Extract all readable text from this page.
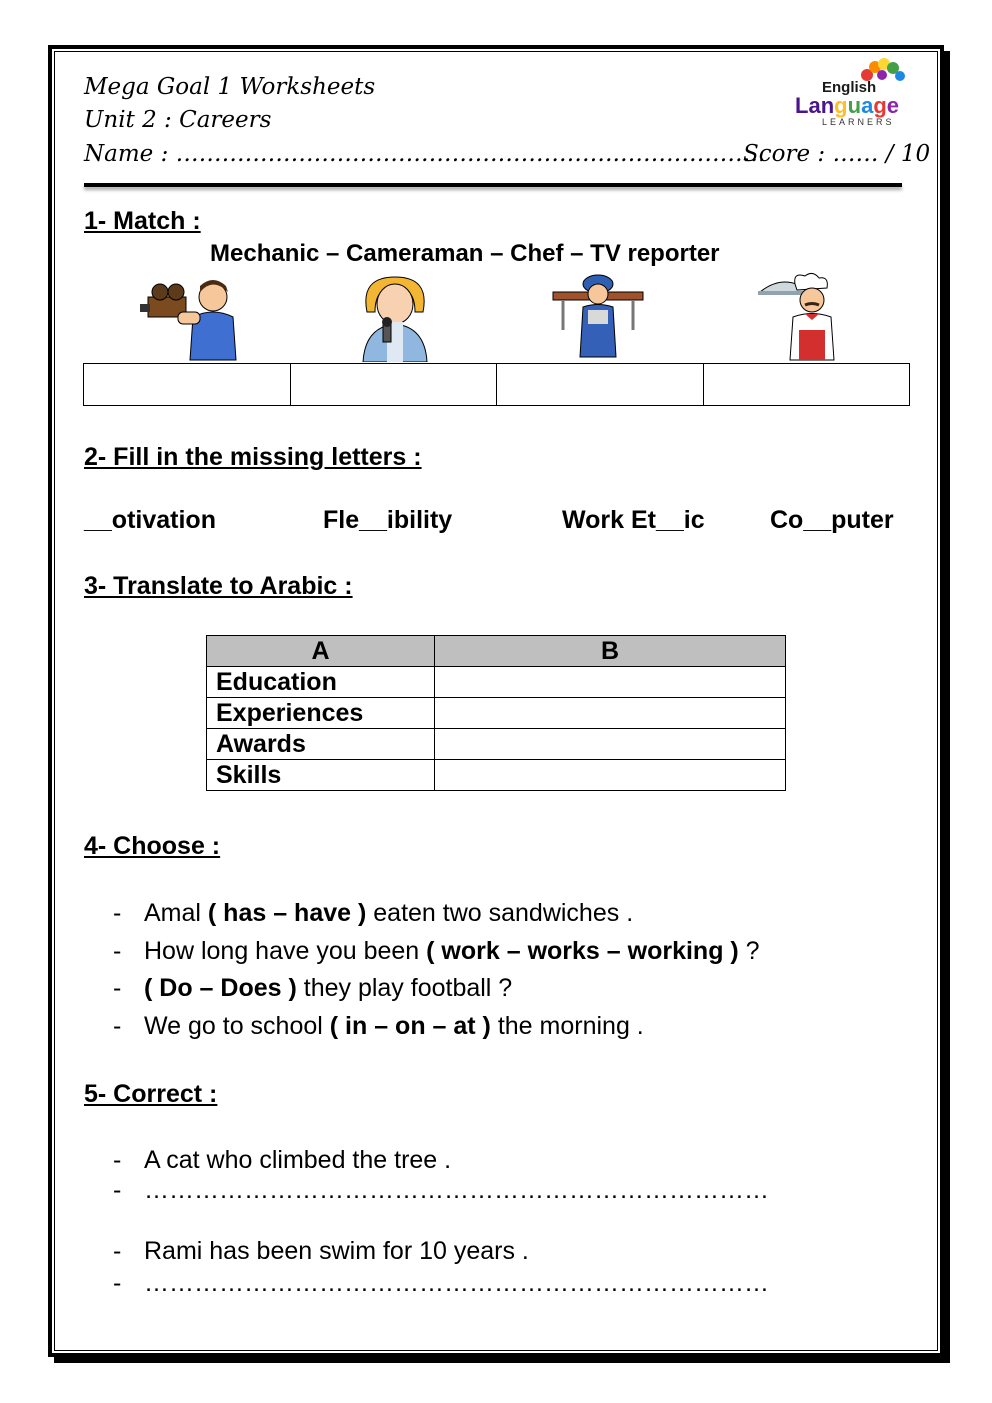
Mega Goal 1 Worksheets
Unit 2 : Careers
Name : ………………………………………………….……………….
Score : …… / 10
English
Language
LEARNERS
1- Match :
Mechanic – Cameraman – Chef – TV reporter

2- Fill in the missing letters :
__otivation	Fle__ibility	Work Et__ic	Co__puter
3- Translate to Arabic :
A	B
Education	
Experiences	
Awards	
Skills	
4- Choose :
- Amal ( has – have ) eaten two sandwiches .
- How long have you been ( work – works – working ) ?
- ( Do – Does ) they play football ?
- We go to school ( in – on – at ) the morning .
5- Correct :
- A cat who climbed the tree .
- …………………………………………………………………
- Rami has been swim for 10 years .
- …………………………………………………………………
